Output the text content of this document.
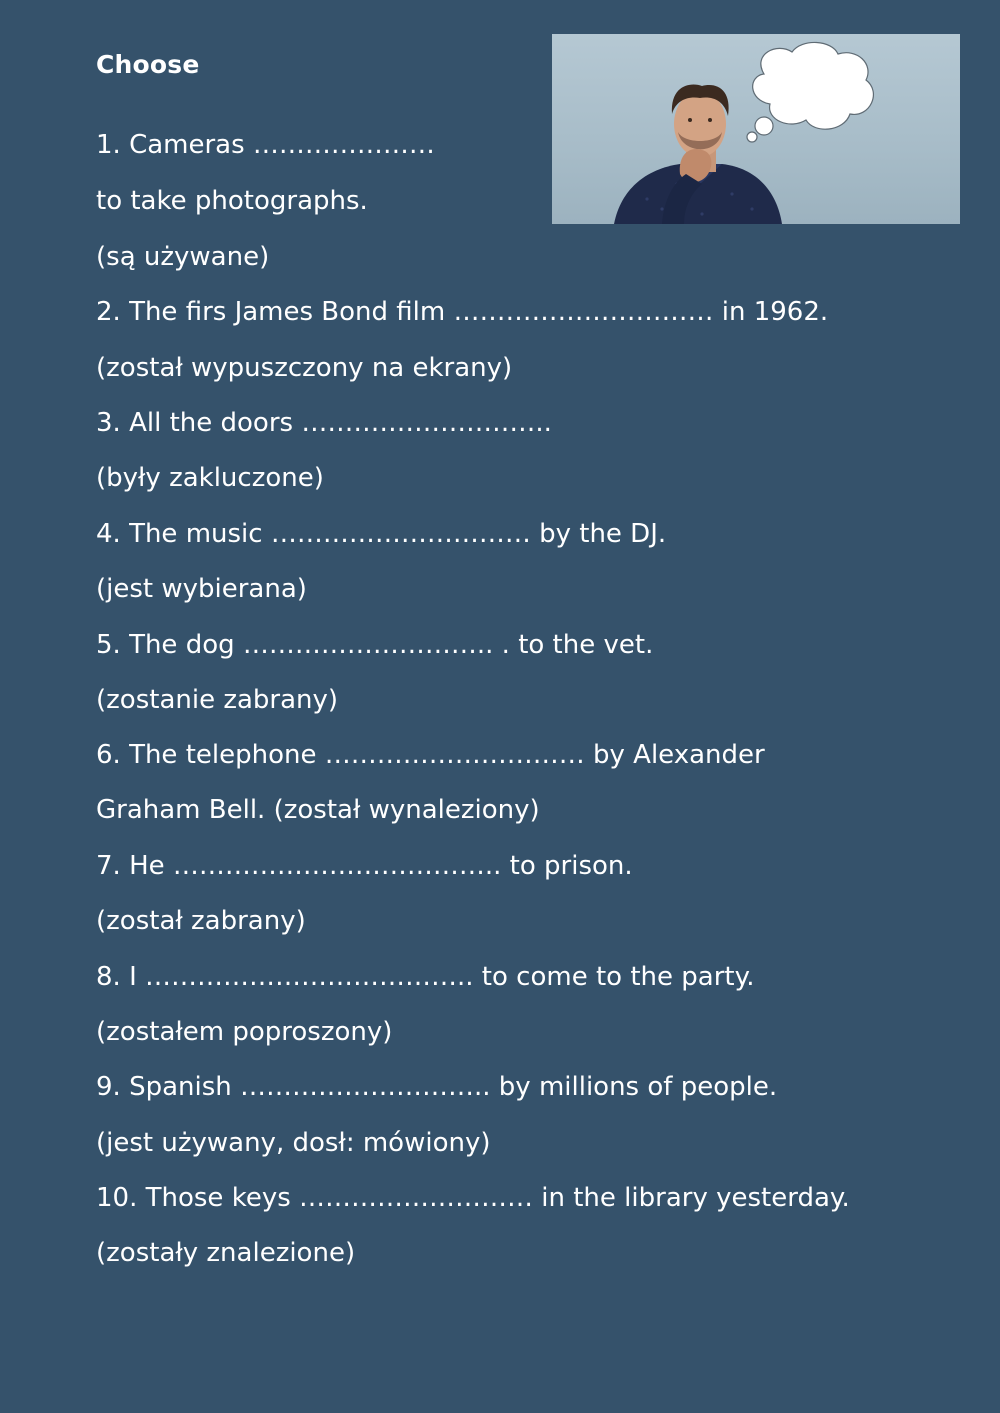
Choose
1. Cameras …………………
to take photographs.
(są używane)
2. The firs James Bond film ………………………… in 1962.
(został wypuszczony na ekrany)
3. All the doors ………………………..
(były zakluczone)
4. The music ………………………… by the DJ.
(jest wybierana)
5. The dog ……………………….. . to the vet.
(zostanie zabrany)
6. The telephone ………………………… by Alexander
Graham Bell. (został wynaleziony)
7. He ……………………………….. to prison.
(został zabrany)
8. I ……………………………….. to come to the party.
(zostałem poproszony)
9. Spanish ……………………….. by millions of people.
(jest używany, dosł: mówiony)
10. Those keys ……………………… in the library yesterday.
(zostały znalezione)
